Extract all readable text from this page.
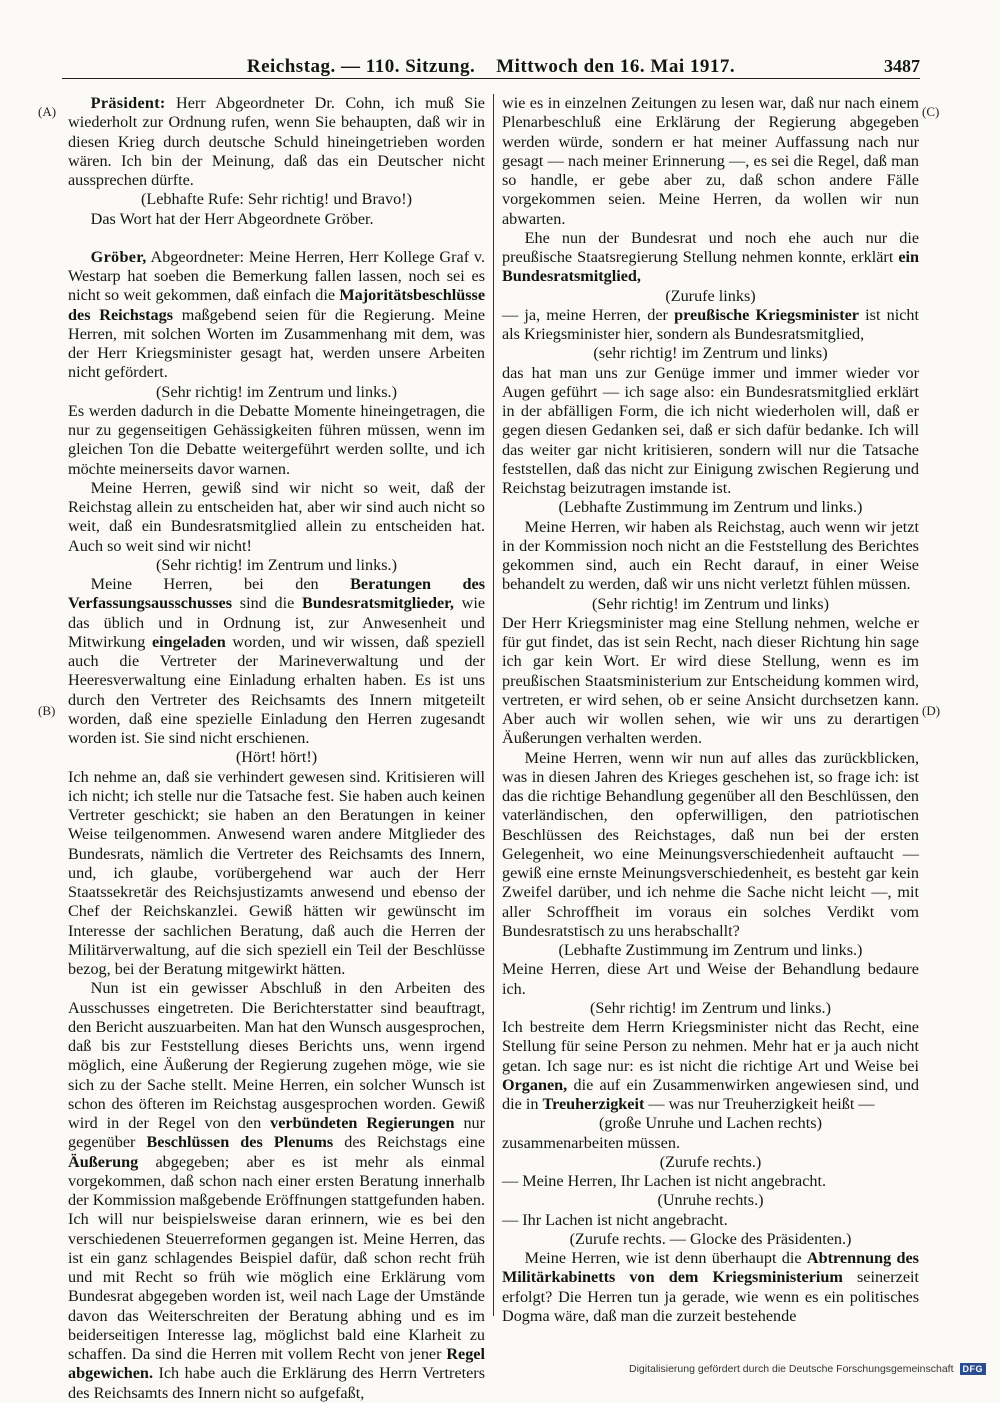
Reichstag. — 110. Sitzung. Mittwoch den 16. Mai 1917.	3487
(A)
(B)
(C)
(D)

Präsident: Herr Abgeordneter Dr. Cohn, ich muß Sie wiederholt zur Ordnung rufen, wenn Sie behaupten, daß wir in diesen Krieg durch deutsche Schuld hineingetrieben worden wären. Ich bin der Meinung, daß das ein Deutscher nicht aussprechen dürfte.

(Lebhafte Rufe: Sehr richtig! und Bravo!)

Das Wort hat der Herr Abgeordnete Gröber.

Gröber, Abgeordneter: Meine Herren, Herr Kollege Graf v. Westarp hat soeben die Bemerkung fallen lassen, noch sei es nicht so weit gekommen, daß einfach die Majoritätsbeschlüsse des Reichstags maßgebend seien für die Regierung. Meine Herren, mit solchen Worten im Zusammenhang mit dem, was der Herr Kriegsminister gesagt hat, werden unsere Arbeiten nicht gefördert.

(Sehr richtig! im Zentrum und links.)

Es werden dadurch in die Debatte Momente hineingetragen, die nur zu gegenseitigen Gehässigkeiten führen müssen, wenn im gleichen Ton die Debatte weitergeführt werden sollte, und ich möchte meinerseits davor warnen.

Meine Herren, gewiß sind wir nicht so weit, daß der Reichstag allein zu entscheiden hat, aber wir sind auch nicht so weit, daß ein Bundesratsmitglied allein zu entscheiden hat. Auch so weit sind wir nicht!

(Sehr richtig! im Zentrum und links.)

Meine Herren, bei den Beratungen des Verfassungsausschusses sind die Bundesratsmitglieder, wie das üblich und in Ordnung ist, zur Anwesenheit und Mitwirkung eingeladen worden, und wir wissen, daß speziell auch die Vertreter der Marineverwaltung und der Heeresverwaltung eine Einladung erhalten haben. Es ist uns durch den Vertreter des Reichsamts des Innern mitgeteilt worden, daß eine spezielle Einladung den Herren zugesandt worden ist. Sie sind nicht erschienen.

(Hört! hört!)

Ich nehme an, daß sie verhindert gewesen sind. Kritisieren will ich nicht; ich stelle nur die Tatsache fest. Sie haben auch keinen Vertreter geschickt; sie haben an den Beratungen in keiner Weise teilgenommen. Anwesend waren andere Mitglieder des Bundesrats, nämlich die Vertreter des Reichsamts des Innern, und, ich glaube, vorübergehend war auch der Herr Staatssekretär des Reichsjustizamts anwesend und ebenso der Chef der Reichskanzlei. Gewiß hätten wir gewünscht im Interesse der sachlichen Beratung, daß auch die Herren der Militärverwaltung, auf die sich speziell ein Teil der Beschlüsse bezog, bei der Beratung mitgewirkt hätten.

Nun ist ein gewisser Abschluß in den Arbeiten des Ausschusses eingetreten. Die Berichterstatter sind beauftragt, den Bericht auszuarbeiten. Man hat den Wunsch ausgesprochen, daß bis zur Feststellung dieses Berichts uns, wenn irgend möglich, eine Äußerung der Regierung zugehen möge, wie sie sich zu der Sache stellt. Meine Herren, ein solcher Wunsch ist schon des öfteren im Reichstag ausgesprochen worden. Gewiß wird in der Regel von den verbündeten Regierungen nur gegenüber Beschlüssen des Plenums des Reichstags eine Äußerung abgegeben; aber es ist mehr als einmal vorgekommen, daß schon nach einer ersten Beratung innerhalb der Kommission maßgebende Eröffnungen stattgefunden haben. Ich will nur beispielsweise daran erinnern, wie es bei den verschiedenen Steuerreformen gegangen ist. Meine Herren, das ist ein ganz schlagendes Beispiel dafür, daß schon recht früh und mit Recht so früh wie möglich eine Erklärung vom Bundesrat abgegeben worden ist, weil nach Lage der Umstände davon das Weiterschreiten der Beratung abhing und es im beiderseitigen Interesse lag, möglichst bald eine Klarheit zu schaffen. Da sind die Herren mit vollem Recht von jener Regel abgewichen. Ich habe auch die Erklärung des Herrn Vertreters des Reichsamts des Innern nicht so aufgefaßt,

wie es in einzelnen Zeitungen zu lesen war, daß nur nach einem Plenarbeschluß eine Erklärung der Regierung abgegeben werden würde, sondern er hat meiner Auffassung nach nur gesagt — nach meiner Erinnerung —, es sei die Regel, daß man so handle, er gebe aber zu, daß schon andere Fälle vorgekommen seien. Meine Herren, da wollen wir nun abwarten.

Ehe nun der Bundesrat und noch ehe auch nur die preußische Staatsregierung Stellung nehmen konnte, erklärt ein Bundesratsmitglied,

(Zurufe links)

— ja, meine Herren, der preußische Kriegsminister ist nicht als Kriegsminister hier, sondern als Bundesratsmitglied,

(sehr richtig! im Zentrum und links)

das hat man uns zur Genüge immer und immer wieder vor Augen geführt — ich sage also: ein Bundesratsmitglied erklärt in der abfälligen Form, die ich nicht wiederholen will, daß er gegen diesen Gedanken sei, daß er sich dafür bedanke. Ich will das weiter gar nicht kritisieren, sondern will nur die Tatsache feststellen, daß das nicht zur Einigung zwischen Regierung und Reichstag beizutragen imstande ist.

(Lebhafte Zustimmung im Zentrum und links.)

Meine Herren, wir haben als Reichstag, auch wenn wir jetzt in der Kommission noch nicht an die Feststellung des Berichtes gekommen sind, auch ein Recht darauf, in einer Weise behandelt zu werden, daß wir uns nicht verletzt fühlen müssen.

(Sehr richtig! im Zentrum und links)

Der Herr Kriegsminister mag eine Stellung nehmen, welche er für gut findet, das ist sein Recht, nach dieser Richtung hin sage ich gar kein Wort. Er wird diese Stellung, wenn es im preußischen Staatsministerium zur Entscheidung kommen wird, vertreten, er wird sehen, ob er seine Ansicht durchsetzen kann. Aber auch wir wollen sehen, wie wir uns zu derartigen Äußerungen verhalten werden.

Meine Herren, wenn wir nun auf alles das zurückblicken, was in diesen Jahren des Krieges geschehen ist, so frage ich: ist das die richtige Behandlung gegenüber all den Beschlüssen, den vaterländischen, den opferwilligen, den patriotischen Beschlüssen des Reichstages, daß nun bei der ersten Gelegenheit, wo eine Meinungsverschiedenheit auftaucht — gewiß eine ernste Meinungsverschiedenheit, es besteht gar kein Zweifel darüber, und ich nehme die Sache nicht leicht —, mit aller Schroffheit im voraus ein solches Verdikt vom Bundesratstisch zu uns herabschallt?

(Lebhafte Zustimmung im Zentrum und links.)

Meine Herren, diese Art und Weise der Behandlung bedaure ich.

(Sehr richtig! im Zentrum und links.)

Ich bestreite dem Herrn Kriegsminister nicht das Recht, eine Stellung für seine Person zu nehmen. Mehr hat er ja auch nicht getan. Ich sage nur: es ist nicht die richtige Art und Weise bei Organen, die auf ein Zusammenwirken angewiesen sind, und die in Treuherzigkeit — was nur Treuherzigkeit heißt —

(große Unruhe und Lachen rechts)

zusammenarbeiten müssen.

(Zurufe rechts.)

— Meine Herren, Ihr Lachen ist nicht angebracht.

(Unruhe rechts.)

— Ihr Lachen ist nicht angebracht.

(Zurufe rechts. — Glocke des Präsidenten.)

Meine Herren, wie ist denn überhaupt die Abtrennung des Militärkabinetts von dem Kriegsministerium seinerzeit erfolgt? Die Herren tun ja gerade, wie wenn es ein politisches Dogma wäre, daß man die zurzeit bestehende

Digitalisierung gefördert durch die Deutsche Forschungsgemeinschaft	DFG
